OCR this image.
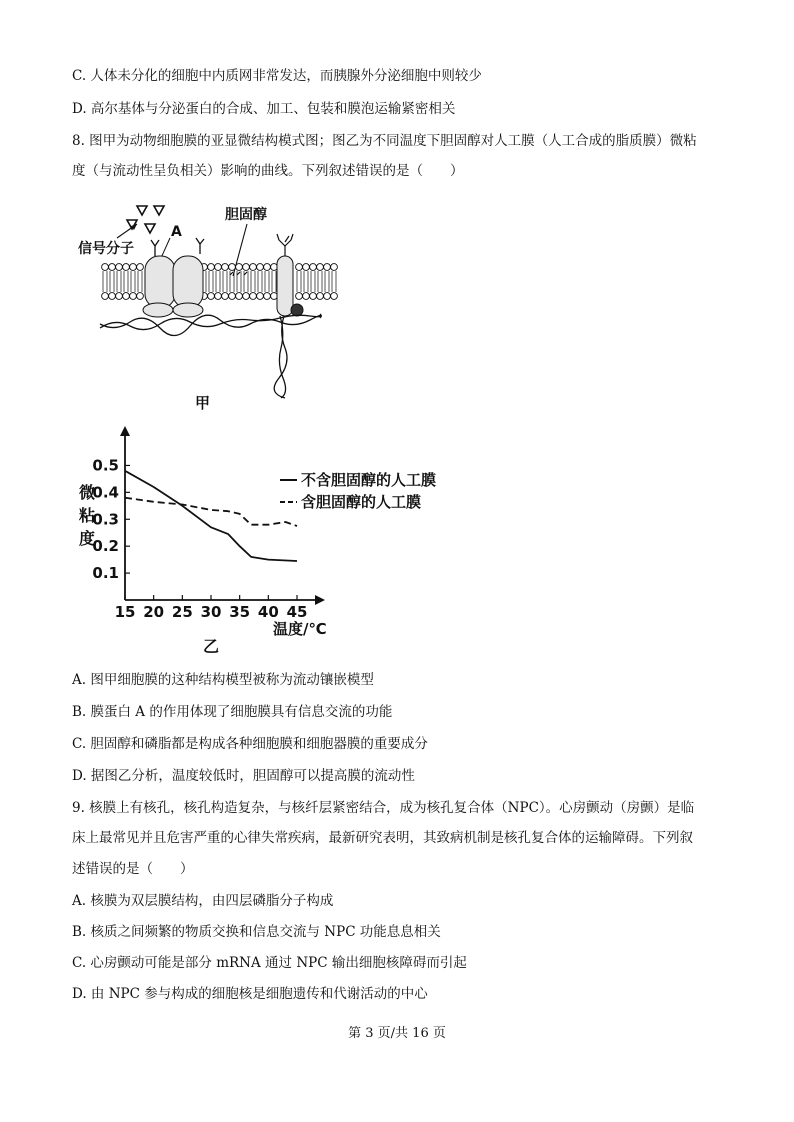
C. 人体未分化的细胞中内质网非常发达，而胰腺外分泌细胞中则较少
D. 高尔基体与分泌蛋白的合成、加工、包装和膜泡运输紧密相关
8. 图甲为动物细胞膜的亚显微结构模式图；图乙为不同温度下胆固醇对人工膜（人工合成的脂质膜）微粘
度（与流动性呈负相关）影响的曲线。下列叙述错误的是（　　）
信号分子
A
胆固醇
甲
15 20 25 30 35 40 45
0.1
0.2
0.3
0.4
0.5
微
粘
度
不含胆固醇的人工膜
含胆固醇的人工膜
温度/℃
乙
A. 图甲细胞膜的这种结构模型被称为流动镶嵌模型
B. 膜蛋白 A 的作用体现了细胞膜具有信息交流的功能
C. 胆固醇和磷脂都是构成各种细胞膜和细胞器膜的重要成分
D. 据图乙分析，温度较低时，胆固醇可以提高膜的流动性
9. 核膜上有核孔，核孔构造复杂，与核纤层紧密结合，成为核孔复合体（NPC）。心房颤动（房颤）是临
床上最常见并且危害严重的心律失常疾病，最新研究表明，其致病机制是核孔复合体的运输障碍。下列叙
述错误的是（　　）
A. 核膜为双层膜结构，由四层磷脂分子构成
B. 核质之间频繁的物质交换和信息交流与 NPC 功能息息相关
C. 心房颤动可能是部分 mRNA 通过 NPC 输出细胞核障碍而引起
D. 由 NPC 参与构成的细胞核是细胞遗传和代谢活动的中心
第 3 页/共 16 页
